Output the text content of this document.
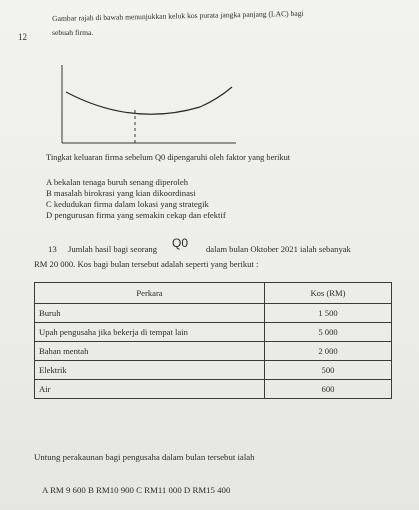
12
Gambar rajah di bawah menunjukkan keluk kos purata jangka panjang (LAC) bagi
sebuah firma.
Tingkat keluaran firma sebelum Q0 dipengaruhi oleh faktor yang berikut
A bekalan tenaga buruh senang diperoleh
B masalah birokrasi yang kian dikoordinasi
C kedudukan firma dalam lokasi yang strategik
D pengurusan firma yang semakin cekap dan efektif
13 Jumlah hasil bagi seorang Q0 dalam bulan Oktober 2021 ialah sebanyak
RM 20 000. Kos bagi bulan tersebut adalah seperti yang berikut :
Perkara	Kos (RM)
Buruh	1 500
Upah pengusaha jika bekerja di tempat lain	5 000
Bahan mentah	2 000
Elektrik	500
Air	600
Untung perakaunan bagi pengusaha dalam bulan tersebut ialah
A RM 9 600 B RM10 900 C RM11 000 D RM15 400
